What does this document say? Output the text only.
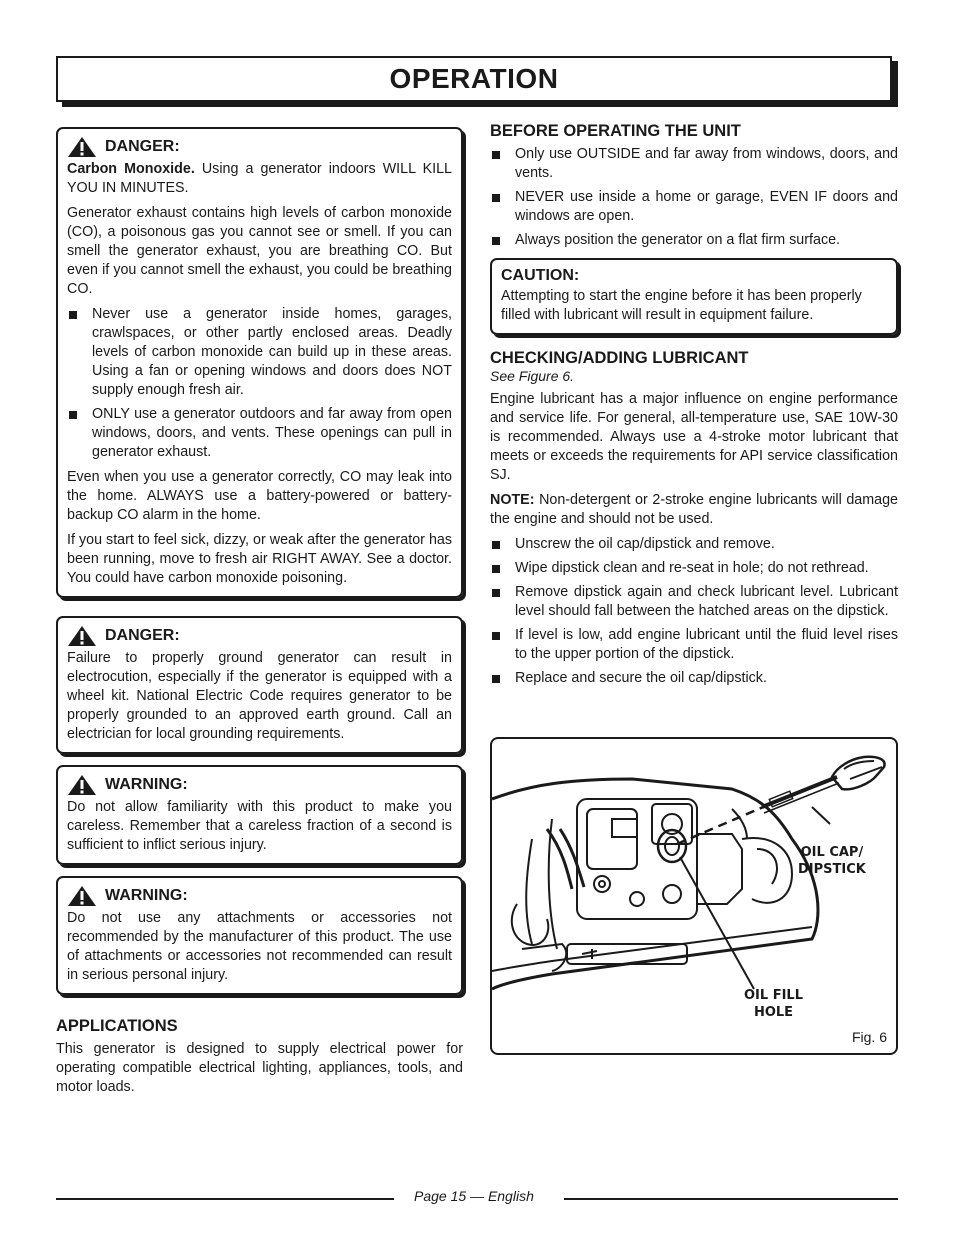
OPERATION
DANGER:

Carbon Monoxide. Using a generator indoors WILL KILL YOU IN MINUTES.

Generator exhaust contains high levels of carbon monoxide (CO), a poisonous gas you cannot see or smell. If you can smell the generator exhaust, you are breathing CO. But even if you cannot smell the exhaust, you could be breathing CO.

Never use a generator inside homes, garages, crawlspaces, or other partly enclosed areas. Deadly levels of carbon monoxide can build up in these areas. Using a fan or opening windows and doors does NOT supply enough fresh air.
ONLY use a generator outdoors and far away from open windows, doors, and vents. These openings can pull in generator exhaust.

Even when you use a generator correctly, CO may leak into the home. ALWAYS use a battery-powered or battery-backup CO alarm in the home.

If you start to feel sick, dizzy, or weak after the generator has been running, move to fresh air RIGHT AWAY. See a doctor. You could have carbon monoxide poisoning.

DANGER:

Failure to properly ground generator can result in electrocution, especially if the generator is equipped with a wheel kit. National Electric Code requires generator to be properly grounded to an approved earth ground. Call an electrician for local grounding requirements.

WARNING:

Do not allow familiarity with this product to make you careless. Remember that a careless fraction of a second is sufficient to inflict serious injury.

WARNING:

Do not use any attachments or accessories not recommended by the manufacturer of this product. The use of attachments or accessories not recommended can result in serious personal injury.

APPLICATIONS

This generator is designed to supply electrical power for operating compatible electrical lighting, appliances, tools, and motor loads.

BEFORE OPERATING THE UNIT
Only use OUTSIDE and far away from windows, doors, and vents.
NEVER use inside a home or garage, EVEN IF doors and windows are open.
Always position the generator on a flat firm surface.
CAUTION:

Attempting to start the engine before it has been properly filled with lubricant will result in equipment failure.

CHECKING/ADDING LUBRICANT
See Figure 6.

Engine lubricant has a major influence on engine performance and service life. For general, all-temperature use, SAE 10W-30 is recommended. Always use a 4-stroke motor lubricant that meets or exceeds the requirements for API service classification SJ.

NOTE: Non-detergent or 2-stroke engine lubricants will damage the engine and should not be used.

Unscrew the oil cap/dipstick and remove.
Wipe dipstick clean and re-seat in hole; do not rethread.
Remove dipstick again and check lubricant level. Lubricant level should fall between the hatched areas on the dipstick.
If level is low, add engine lubricant until the fluid level rises to the upper portion of the dipstick.
Replace and secure the oil cap/dipstick.
OIL CAP/
DIPSTICK
OIL FILL
HOLE
Fig. 6
Page 15 — English
